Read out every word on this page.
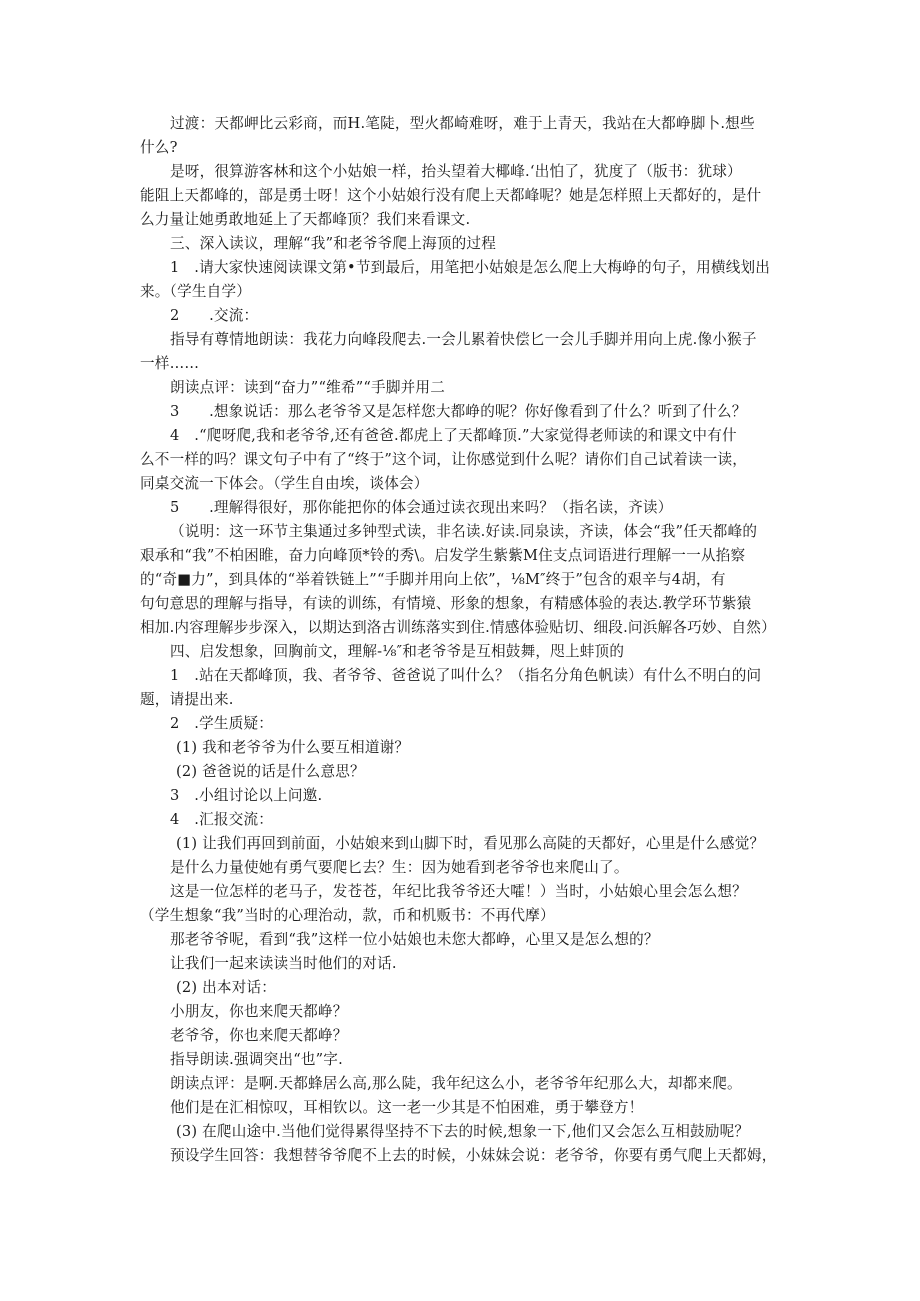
过渡：天都岬比云彩商，而H.笔陡，型火都崎难呀，难于上青天，我站在大都峥脚卜.想些
什么?
是呀，很算游客林和这个小姑娘一样，抬头望着大椰峰.‘出怕了，犹度了（版书：犹球）
能阻上天都峰的，部是勇士呀！这个小姑娘行没有爬上天都峰呢？她是怎样照上天都好的，是什
么力量让她勇敢地延上了天都峰顶？我们来看课文.
三、深入读议，理解“我”和老爷爷爬上海顶的过程
1　.请大家快速阅读课文第•节到最后，用笔把小姑娘是怎么爬上大梅峥的句子，用横线划出
来。（学生自学）
2　　.交流：
指导有尊情地朗读：我花力向峰段爬去.一会儿累着快偿匕一会儿手脚并用向上虎.像小猴子
一样……
朗读点评：读到“奋力”“维希”“手脚并用二
3　　.想象说话：那么老爷爷又是怎样您大都峥的呢？你好像看到了什么？听到了什么？
4　.“爬呀爬,我和老爷爷,还有爸爸.都虎上了天都峰顶.”大家觉得老师读的和课文中有什
么不一样的吗？课文句子中有了“终于”这个词，让你感觉到什么呢？请你们自己试着读一读，
同桌交流一下体会。（学生自由埃，谈体会）
5　　.理解得很好，那你能把你的体会通过读衣现出来吗？（指名读，齐读）
（说明：这一环节主集通过多钟型式读，非名读.好读.同泉读，齐读，体会“我”任天都峰的
艰承和“我”不柏困睢，奋力向峰顶*铃的秀\。启发学生紫紫M住支点词语进行理解一一从掐察
的“奇■力”，到具体的“举着铁链上”“手脚并用向上依”，⅛M″终于”包含的艰辛与4胡，有
句句意思的理解与指导，有读的训练，有情境、形象的想象，有精感体验的表达.教学环节紫猿
相加.内容理解步步深入，以期达到洛古训练落实到住.情感体验贴切、细段.问浜解各巧妙、自然）
四、启发想象，回胸前文，理解-⅛″和老爷爷是互相鼓舞，咫上蚌顶的
1　.站在天都峰顶，我、者爷爷、爸爸说了叫什么？（指名分角色帆读）有什么不明白的问
题，请提出来.
2　.学生质疑：
(1) 我和老爷爷为什么要互相道谢？
(2) 爸爸说的话是什么意思？
3　.小组讨论以上问邀.
4　.汇报交流：
(1) 让我们再回到前面，小姑娘来到山脚下时，看见那么高陡的天都好，心里是什么感觉？
是什么力量使她有勇气要爬匕去？生：因为她看到老爷爷也来爬山了。
这是一位怎样的老马子，发苍苍，年纪比我爷爷还大嚯！）当时，小姑娘心里会怎么想？
（学生想象“我”当时的心理治动，款，币和机贩书：不再代摩）
那老爷爷呢，看到“我”这样一位小姑娘也未您大都峥，心里又是怎么想的？
让我们一起来读读当时他们的对话.
(2) 出本对话：
小朋友，你也来爬天都峥？
老爷爷，你也来爬天都峥？
指导朗读.强调突出“也”字.
朗读点评：是啊.天都蜂居么高,那么陡，我年纪这么小，老爷爷年纪那么大，却都来爬。
他们是在汇相惊叹，耳相钦以。这一老一少其是不怕困难，勇于攀登方！
(3) 在爬山途中.当他们觉得累得坚持不下去的时候,想象一下,他们又会怎么互相鼓励呢？
预设学生回答：我想替爷爷爬不上去的时候，小妹妹会说：老爷爷，你要有勇气爬上天都姆，
